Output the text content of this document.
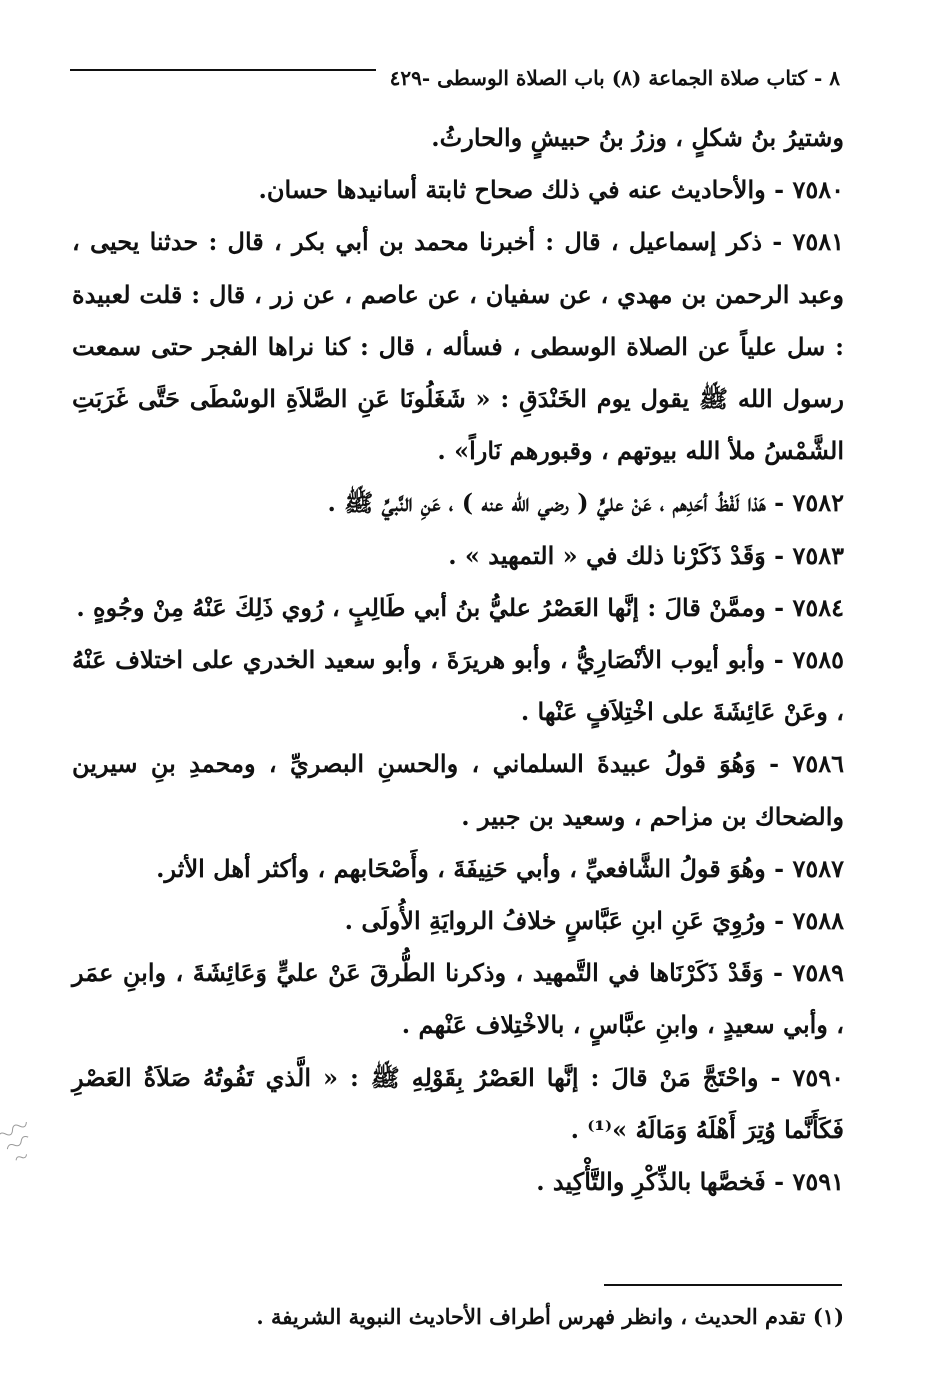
٨ - كتاب صلاة الجماعة (٨) باب الصلاة الوسطى -٤٢٩

وشتيرُ بنُ شكلٍ ، وزرُ بنُ حبيشٍ والحارثُ.

٧٥٨٠ - والأحاديث عنه في ذلك صحاح ثابتة أسانيدها حسان.

٧٥٨١ - ذكر إسماعيل ، قال : أخبرنا محمد بن أبي بكر ، قال : حدثنا يحيى ، وعبد الرحمن بن مهدي ، عن سفيان ، عن عاصم ، عن زر ، قال : قلت لعبيدة : سل علياً عن الصلاة الوسطى ، فسأله ، قال : كنا نراها الفجر حتى سمعت رسول الله ﷺ يقول يوم الخَنْدَقِ : « شَغَلُونَا عَنِ الصَّلاَةِ الوسْطَى حَتَّى غَرَبَتِ الشَّمْسُ ملأ الله بيوتهم ، وقبورهم نَاراً» .

٧٥٨٢ - هَذا لَفْظُ أحَدِهم ، عَنْ عليٍّ ( رضي الله عنه ) ، عَنِ النَّبيِّ ﷺ .

٧٥٨٣ - وَقَدْ ذَكَرْنا ذلك في « التمهيد » .

٧٥٨٤ - وممَّنْ قالَ : إنَّها العَصْرُ عليُّ بنُ أبي طَالِبٍ ، رُوي ذَلِكَ عَنْهُ مِنْ وجُوهٍ .

٧٥٨٥ - وأبو أيوب الأنْصَارِيُّ ، وأبو هريرَةَ ، وأبو سعيد الخدري على اختلاف عَنْهُ ، وعَنْ عَائِشَةَ على اخْتِلاَفٍ عَنْها .

٧٥٨٦ - وَهُوَ قولُ عبيدةَ السلماني ، والحسنِ البصريِّ ، ومحمدِ بنِ سيرين والضحاك بن مزاحم ، وسعيد بن جبير .

٧٥٨٧ - وهُوَ قولُ الشَّافعيِّ ، وأبي حَنِيفَةَ ، وأَصْحَابهم ، وأكثر أهل الأثر.

٧٥٨٨ - ورُوِيَ عَنِ ابنِ عَبَّاسٍ خلافُ الروايَةِ الأُولَى .

٧٥٨٩ - وَقَدْ ذَكَرْنَاها في التَّمهيد ، وذكرنا الطُّرقَ عَنْ عليٍّ وَعَائِشَةَ ، وابنِ عمَر ، وأبي سعيدٍ ، وابنِ عبَّاسٍ ، بالاخْتِلاف عَنْهم .

٧٥٩٠ - واحْتَجَّ مَنْ قالَ : إنَّها العَصْرُ بِقَوْلِهِ ﷺ : « الَّذي تَفُوتُهُ صَلاَةُ العَصْرِ فَكَأَنَّما وُتِرَ أَهْلَهُ وَمَالَهُ »⁽¹⁾ .

٧٥٩١ - فَخصَّها بالذِّكْرِ والتَّأْكِيد .

(١) تقدم الحديث ، وانظر فهرس أطراف الأحاديث النبوية الشريفة .
